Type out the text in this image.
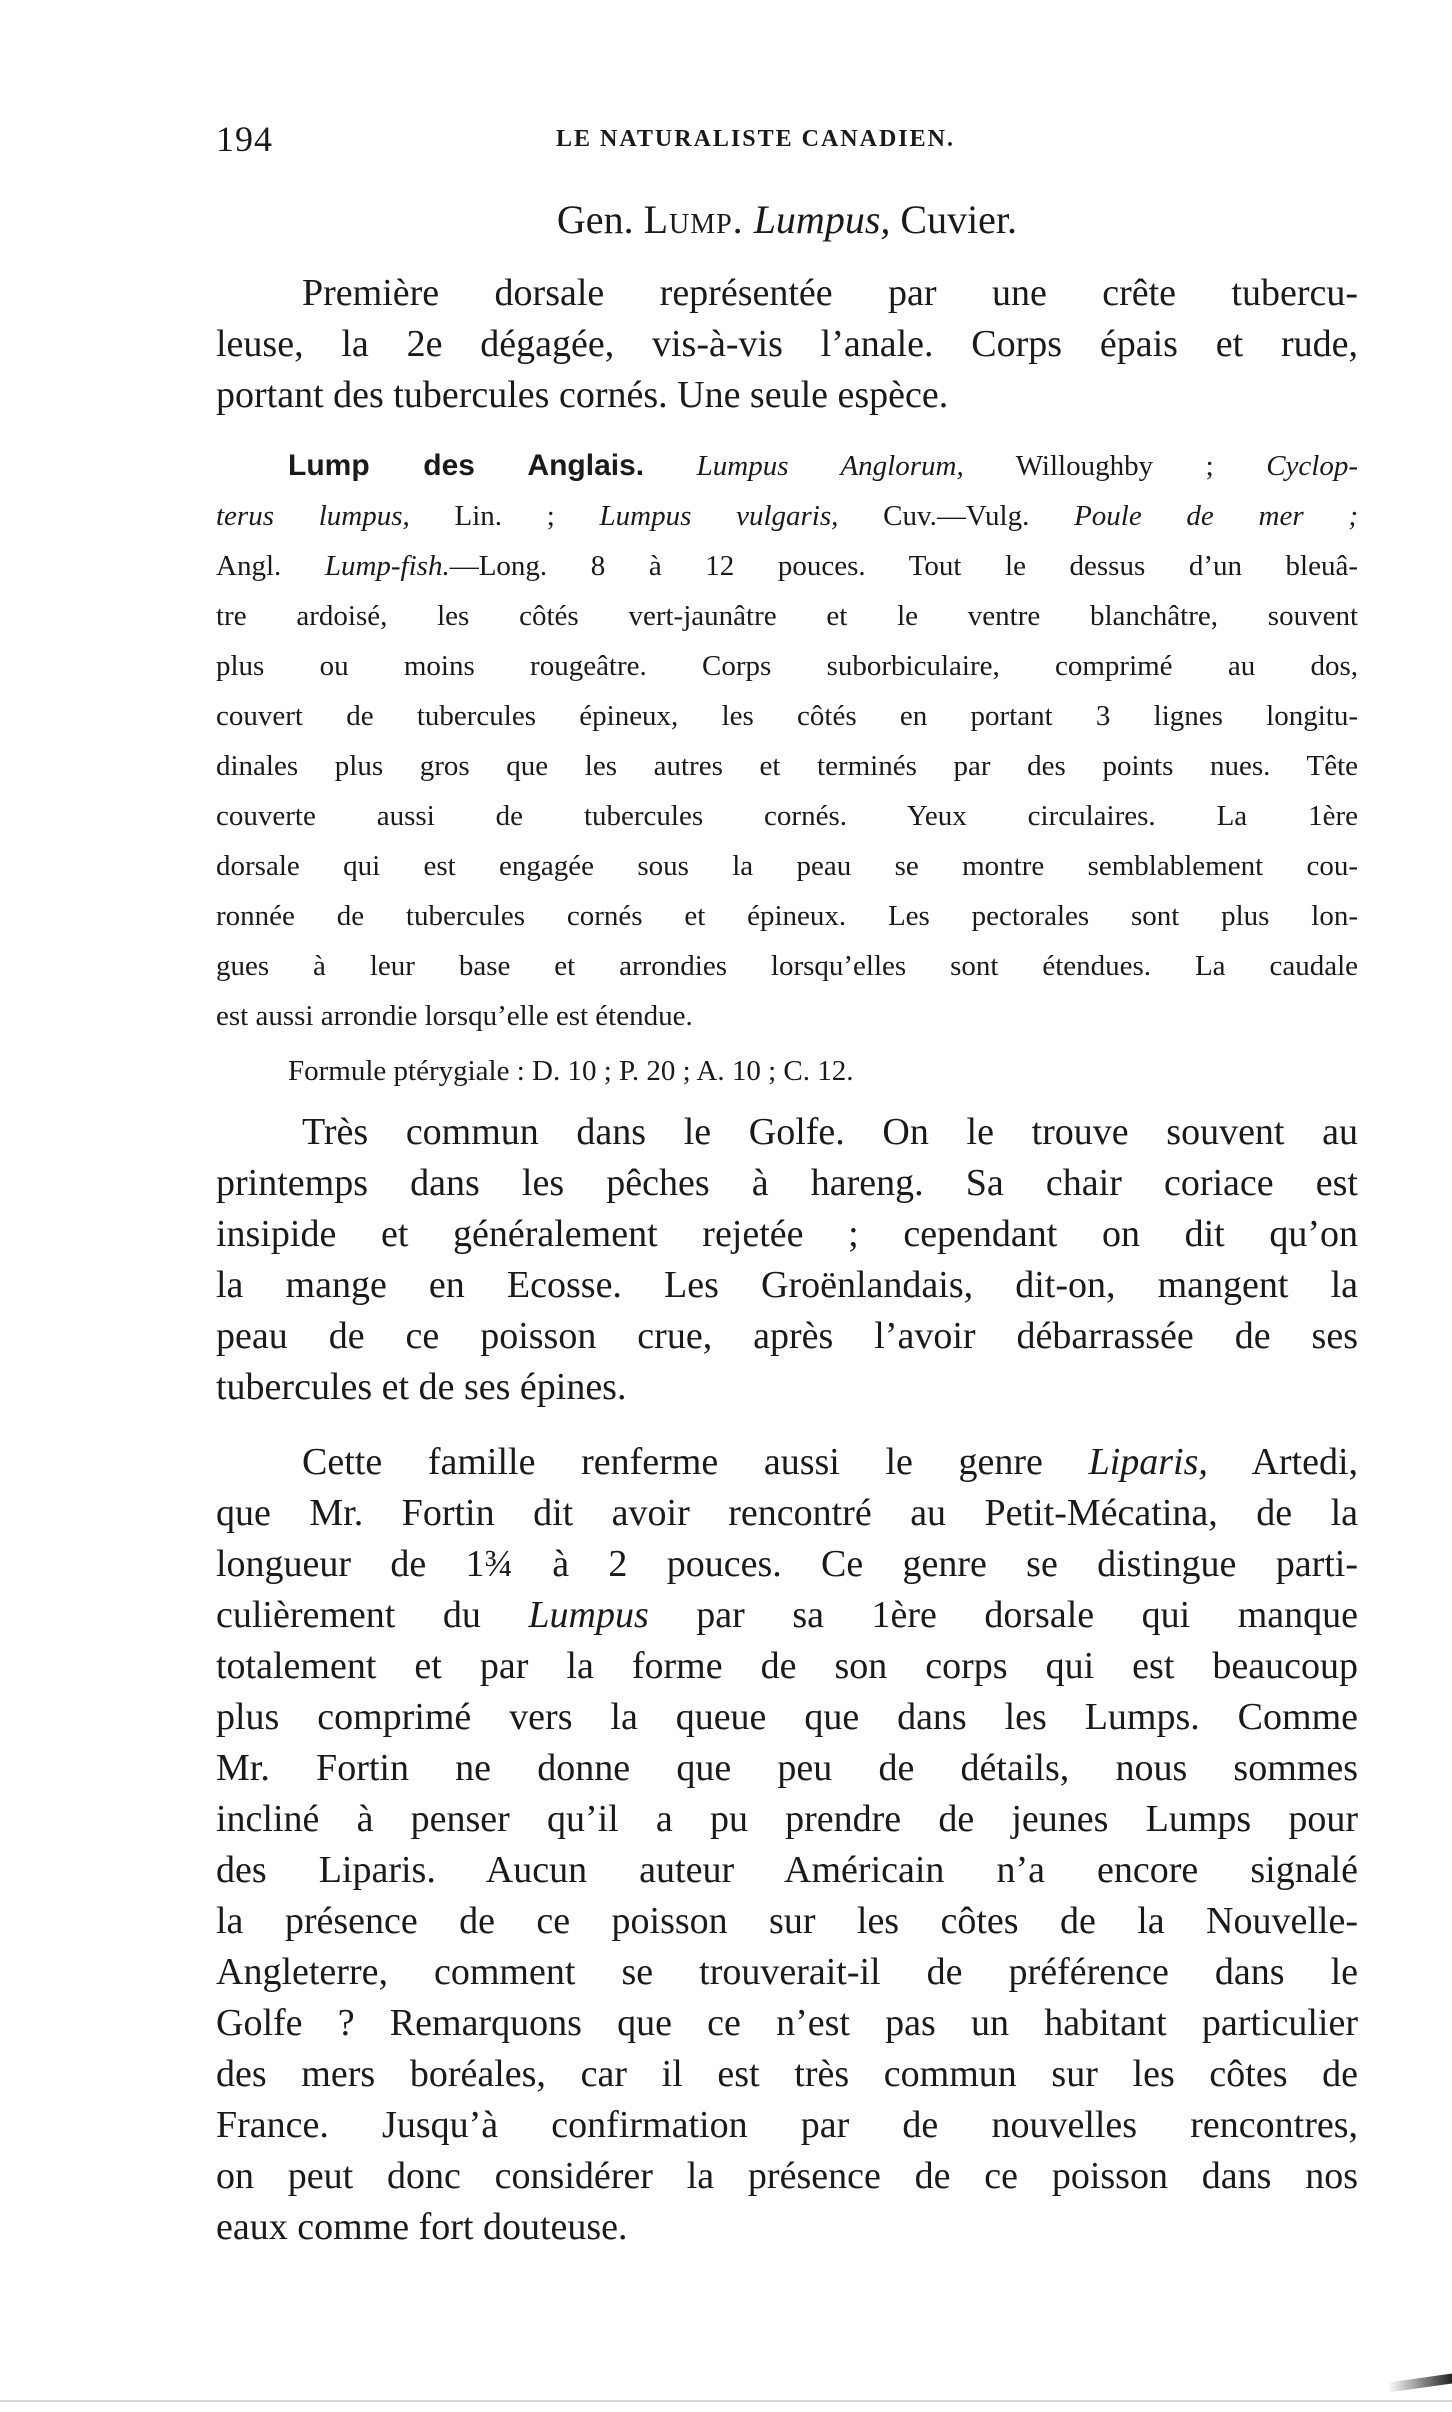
194	LE NATURALISTE CANADIEN.
Gen. Lump. Lumpus, Cuvier.
Première dorsale représentée par une crête tubercu-
leuse, la 2e dégagée, vis-à-vis l’anale. Corps épais et rude,
portant des tubercules cornés. Une seule espèce.
Lump des Anglais. Lumpus Anglorum, Willoughby ; Cyclop-
terus lumpus, Lin. ; Lumpus vulgaris, Cuv.—Vulg. Poule de mer ;
Angl. Lump-fish.—Long. 8 à 12 pouces. Tout le dessus d’un bleuâ-
tre ardoisé, les côtés vert-jaunâtre et le ventre blanchâtre, souvent
plus ou moins rougeâtre. Corps suborbiculaire, comprimé au dos,
couvert de tubercules épineux, les côtés en portant 3 lignes longitu-
dinales plus gros que les autres et terminés par des points nues. Tête
couverte aussi de tubercules cornés. Yeux circulaires. La 1ère
dorsale qui est engagée sous la peau se montre semblablement cou-
ronnée de tubercules cornés et épineux. Les pectorales sont plus lon-
gues à leur base et arrondies lorsqu’elles sont étendues. La caudale
est aussi arrondie lorsqu’elle est étendue.
Formule ptérygiale : D. 10 ; P. 20 ; A. 10 ; C. 12.
Très commun dans le Golfe. On le trouve souvent au
printemps dans les pêches à hareng. Sa chair coriace est
insipide et généralement rejetée ; cependant on dit qu’on
la mange en Ecosse. Les Groënlandais, dit-on, mangent la
peau de ce poisson crue, après l’avoir débarrassée de ses
tubercules et de ses épines.
Cette famille renferme aussi le genre Liparis, Artedi,
que Mr. Fortin dit avoir rencontré au Petit-Mécatina, de la
longueur de 1¾ à 2 pouces. Ce genre se distingue parti-
culièrement du Lumpus par sa 1ère dorsale qui manque
totalement et par la forme de son corps qui est beaucoup
plus comprimé vers la queue que dans les Lumps. Comme
Mr. Fortin ne donne que peu de détails, nous sommes
incliné à penser qu’il a pu prendre de jeunes Lumps pour
des Liparis. Aucun auteur Américain n’a encore signalé
la présence de ce poisson sur les côtes de la Nouvelle-
Angleterre, comment se trouverait-il de préférence dans le
Golfe ? Remarquons que ce n’est pas un habitant particulier
des mers boréales, car il est très commun sur les côtes de
France. Jusqu’à confirmation par de nouvelles rencontres,
on peut donc considérer la présence de ce poisson dans nos
eaux comme fort douteuse.
